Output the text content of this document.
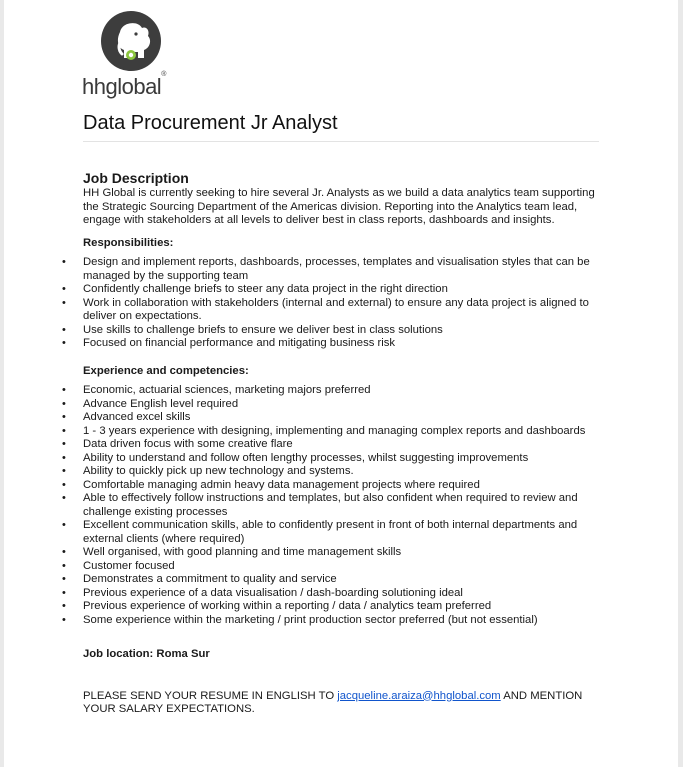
hhglobal®
Data Procurement Jr Analyst

Job Description

HH Global is currently seeking to hire several Jr. Analysts as we build a data analytics team supporting the Strategic Sourcing Department of the Americas division. Reporting into the Analytics team lead, engage with stakeholders at all levels to deliver best in class reports, dashboards and insights.

Responsibilities:

• Design and implement reports, dashboards, processes, templates and visualisation styles that can be managed by the supporting team
• Confidently challenge briefs to steer any data project in the right direction
• Work in collaboration with stakeholders (internal and external) to ensure any data project is aligned to deliver on expectations.
• Use skills to challenge briefs to ensure we deliver best in class solutions
• Focused on financial performance and mitigating business risk

Experience and competencies:

• Economic, actuarial sciences, marketing majors preferred
• Advance English level required
• Advanced excel skills
• 1 - 3 years experience with designing, implementing and managing complex reports and dashboards
• Data driven focus with some creative flare
• Ability to understand and follow often lengthy processes, whilst suggesting improvements
• Ability to quickly pick up new technology and systems.
• Comfortable managing admin heavy data management projects where required
• Able to effectively follow instructions and templates, but also confident when required to review and challenge existing processes
• Excellent communication skills, able to confidently present in front of both internal departments and external clients (where required)
• Well organised, with good planning and time management skills
• Customer focused
• Demonstrates a commitment to quality and service
• Previous experience of a data visualisation / dash-boarding solutioning ideal
• Previous experience of working within a reporting / data / analytics team preferred
• Some experience within the marketing / print production sector preferred (but not essential)

Job location: Roma Sur

PLEASE SEND YOUR RESUME IN ENGLISH TO jacqueline.araiza@hhglobal.com AND MENTION YOUR SALARY EXPECTATIONS.
